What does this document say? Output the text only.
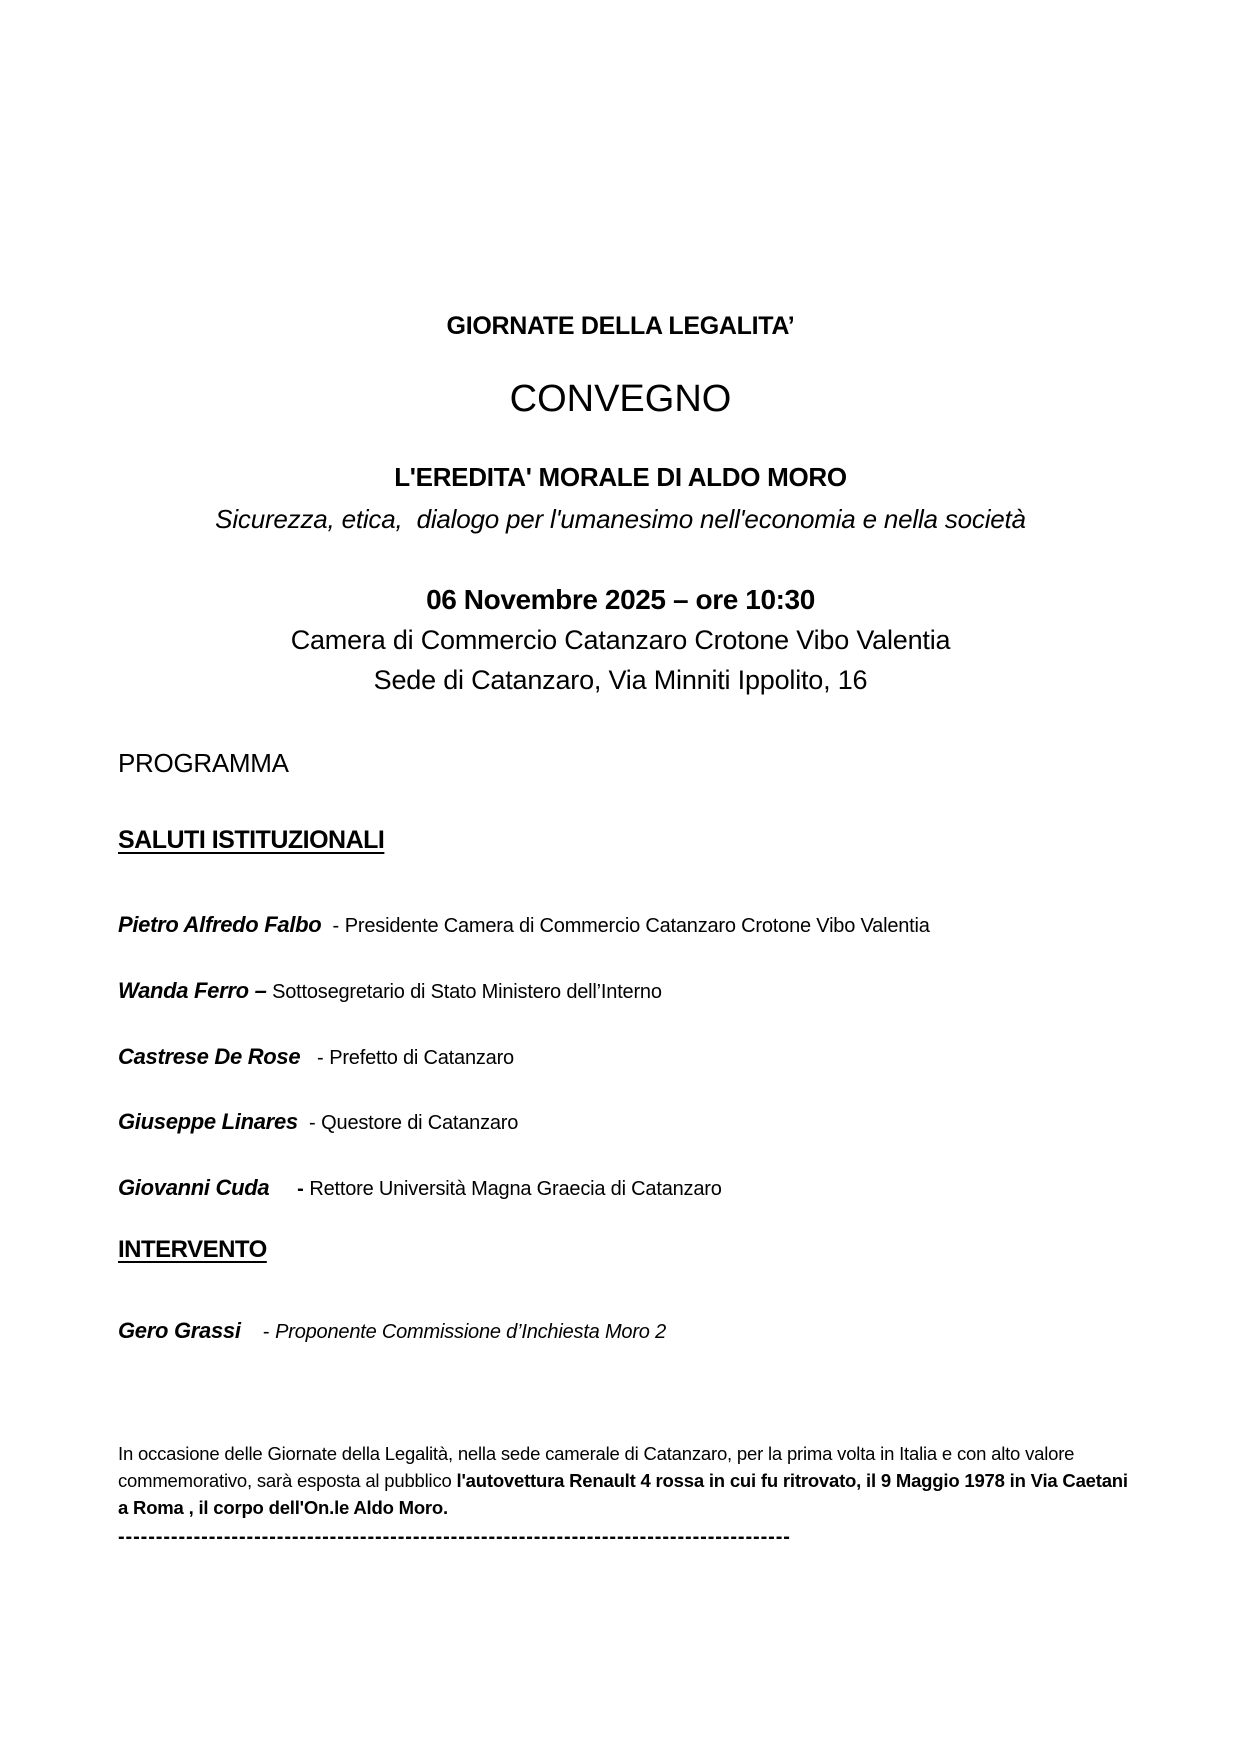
GIORNATE DELLA LEGALITA’
CONVEGNO
L'EREDITA' MORALE DI ALDO MORO
Sicurezza, etica,  dialogo per l'umanesimo nell'economia e nella società
06 Novembre 2025 – ore 10:30
Camera di Commercio Catanzaro Crotone Vibo Valentia
Sede di Catanzaro, Via Minniti Ippolito, 16
PROGRAMMA
SALUTI ISTITUZIONALI
Pietro Alfredo Falbo  - Presidente Camera di Commercio Catanzaro Crotone Vibo Valentia
Wanda Ferro – Sottosegretario di Stato Ministero dell’Interno
Castrese De Rose   - Prefetto di Catanzaro
Giuseppe Linares  - Questore di Catanzaro
Giovanni Cuda     - Rettore Università Magna Graecia di Catanzaro
INTERVENTO
Gero Grassi    - Proponente Commissione d’Inchiesta Moro 2
In occasione delle Giornate della Legalità, nella sede camerale di Catanzaro, per la prima volta in Italia e con alto valore commemorativo, sarà esposta al pubblico l'autovettura Renault 4 rossa in cui fu ritrovato, il 9 Maggio 1978 in Via Caetani a Roma , il corpo dell'On.le Aldo Moro.
-----------------------------------------------------------------------------------------
